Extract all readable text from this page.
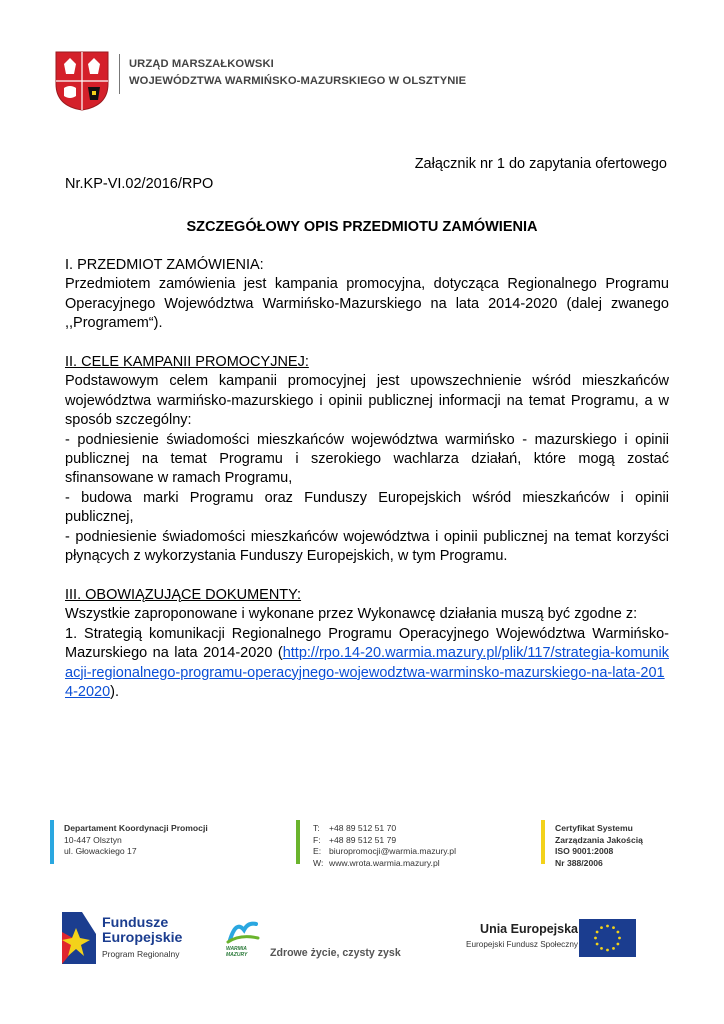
URZĄD MARSZAŁKOWSKI
WOJEWÓDZTWA WARMIŃSKO-MAZURSKIEGO W OLSZTYNIE
Załącznik nr 1 do zapytania ofertowego
Nr.KP-VI.02/2016/RPO
SZCZEGÓŁOWY OPIS PRZEDMIOTU ZAMÓWIENIA

I. PRZEDMIOT ZAMÓWIENIA:

Przedmiotem zamówienia jest kampania promocyjna, dotycząca Regionalnego Programu Operacyjnego Województwa Warmińsko-Mazurskiego na lata 2014-2020 (dalej zwanego ,,Programem“).

II. CELE KAMPANII PROMOCYJNEJ:

Podstawowym celem kampanii promocyjnej jest upowszechnienie wśród mieszkańców województwa warmińsko-mazurskiego i opinii publicznej informacji na temat Programu, a w sposób szczególny:

- podniesienie świadomości mieszkańców województwa warmińsko - mazurskiego i opinii publicznej na temat Programu i szerokiego wachlarza działań, które mogą zostać sfinansowane w ramach Programu,

- budowa marki Programu oraz Funduszy Europejskich wśród mieszkańców i opinii publicznej,

- podniesienie świadomości mieszkańców województwa i opinii publicznej na temat korzyści płynących z wykorzystania Funduszy Europejskich, w tym Programu.

III. OBOWIĄZUJĄCE DOKUMENTY:

Wszystkie zaproponowane i wykonane przez Wykonawcę działania muszą być zgodne z:

1. Strategią komunikacji Regionalnego Programu Operacyjnego Województwa Warmińsko-Mazurskiego na lata 2014-2020 (http://rpo.14-20.warmia.mazury.pl/plik/117/strategia-komunikacji-regionalnego-programu-operacyjnego-wojewodztwa-warminsko-mazurskiego-na-lata-2014-2020).

Departament Koordynacji Promocji
10-447 Olsztyn
ul. Głowackiego 17
T: +48 89 512 51 70
F: +48 89 512 51 79
E: biuropromocji@warmia.mazury.pl
W: www.wrota.warmia.mazury.pl
Certyfikat Systemu
Zarządzania Jakością
ISO 9001:2008
Nr 388/2006
Fundusze
Europejskie
Program Regionalny	WARMIA
MAZURY Zdrowe życie, czysty zysk
Unia Europejska
Europejski Fundusz Społeczny
